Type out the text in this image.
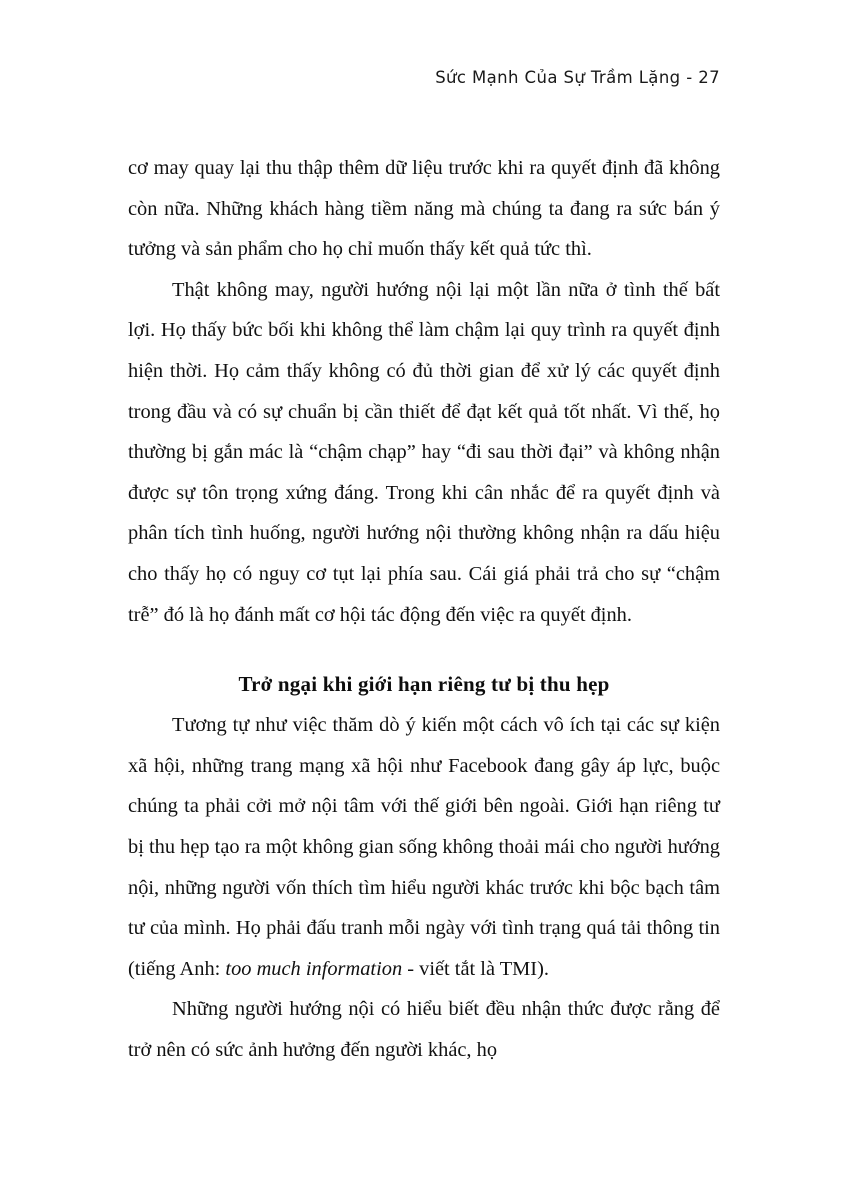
Sức Mạnh Của Sự Trầm Lặng - 27

cơ may quay lại thu thập thêm dữ liệu trước khi ra quyết định đã không còn nữa. Những khách hàng tiềm năng mà chúng ta đang ra sức bán ý tưởng và sản phẩm cho họ chỉ muốn thấy kết quả tức thì.

Thật không may, người hướng nội lại một lần nữa ở tình thế bất lợi. Họ thấy bức bối khi không thể làm chậm lại quy trình ra quyết định hiện thời. Họ cảm thấy không có đủ thời gian để xử lý các quyết định trong đầu và có sự chuẩn bị cần thiết để đạt kết quả tốt nhất. Vì thế, họ thường bị gắn mác là “chậm chạp” hay “đi sau thời đại” và không nhận được sự tôn trọng xứng đáng. Trong khi cân nhắc để ra quyết định và phân tích tình huống, người hướng nội thường không nhận ra dấu hiệu cho thấy họ có nguy cơ tụt lại phía sau. Cái giá phải trả cho sự “chậm trễ” đó là họ đánh mất cơ hội tác động đến việc ra quyết định.

Trở ngại khi giới hạn riêng tư bị thu hẹp

Tương tự như việc thăm dò ý kiến một cách vô ích tại các sự kiện xã hội, những trang mạng xã hội như Facebook đang gây áp lực, buộc chúng ta phải cởi mở nội tâm với thế giới bên ngoài. Giới hạn riêng tư bị thu hẹp tạo ra một không gian sống không thoải mái cho người hướng nội, những người vốn thích tìm hiểu người khác trước khi bộc bạch tâm tư của mình. Họ phải đấu tranh mỗi ngày với tình trạng quá tải thông tin (tiếng Anh: too much information - viết tắt là TMI).

Những người hướng nội có hiểu biết đều nhận thức được rằng để trở nên có sức ảnh hưởng đến người khác, họ
